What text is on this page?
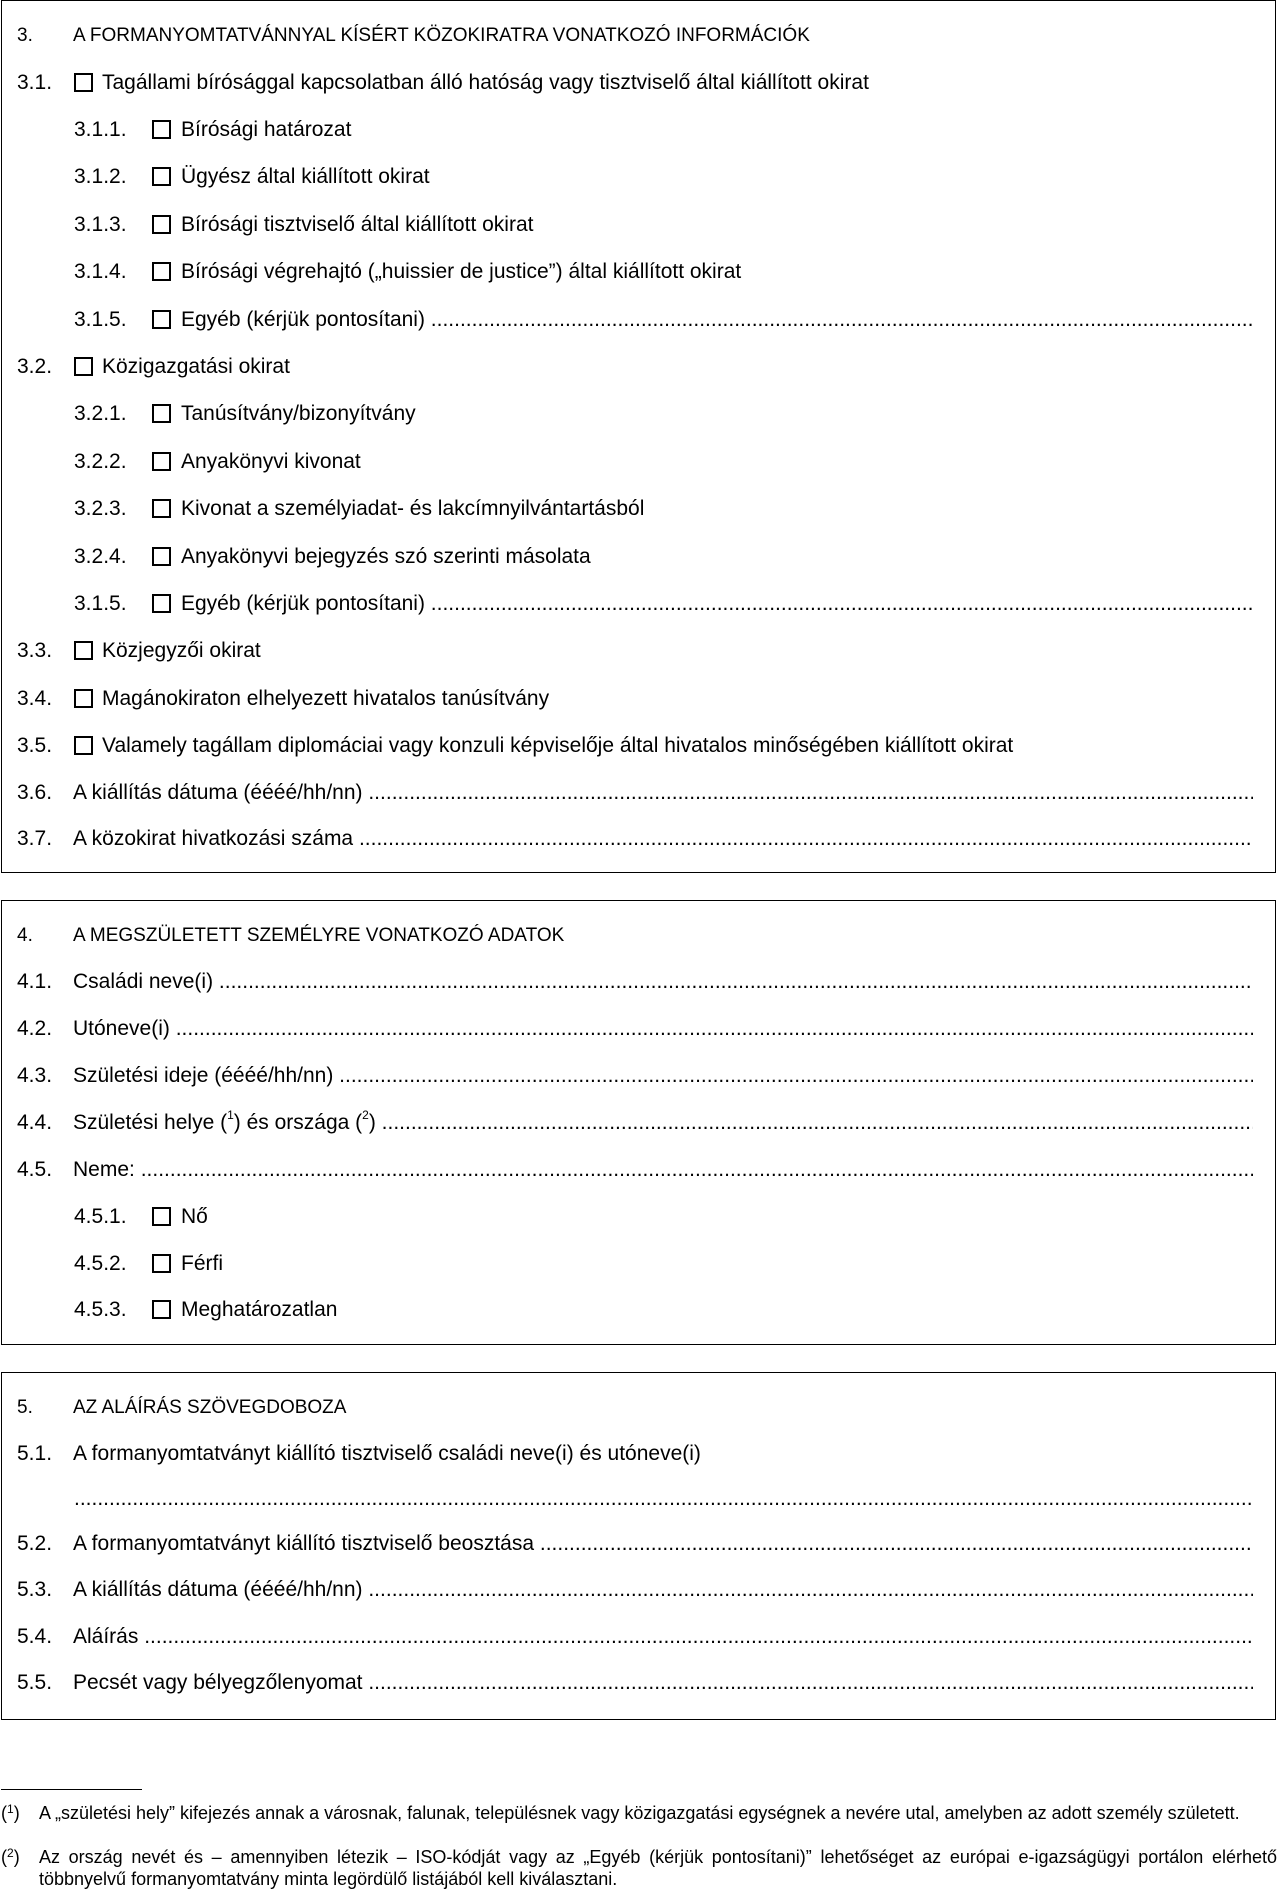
3. A FORMANYOMTATVÁNNYAL KÍSÉRT KÖZOKIRATRA VONATKOZÓ INFORMÁCIÓK
3.1. Tagállami bírósággal kapcsolatban álló hatóság vagy tisztviselő által kiállított okirat
3.1.1.	Bírósági határozat
3.1.2.	Ügyész által kiállított okirat
3.1.3.	Bírósági tisztviselő által kiállított okirat
3.1.4.	Bírósági végrehajtó („huissier de justice”) által kiállított okirat
3.1.5.	Egyéb (kérjük pontosítani) .....
3.2. Közigazgatási okirat
3.2.1.	Tanúsítvány/bizonyítvány
3.2.2.	Anyakönyvi kivonat
3.2.3.	Kivonat a személyiadat- és lakcímnyilvántartásból
3.2.4.	Anyakönyvi bejegyzés szó szerinti másolata
3.1.5.	Egyéb (kérjük pontosítani) .....
3.3. Közjegyzői okirat
3.4. Magánokiraton elhelyezett hivatalos tanúsítvány
3.5. Valamely tagállam diplomáciai vagy konzuli képviselője által hivatalos minőségében kiállított okirat
3.6. A kiállítás dátuma (éééé/hh/nn) .....
3.7. A közokirat hivatkozási száma .....
4. A MEGSZÜLETETT SZEMÉLYRE VONATKOZÓ ADATOK
4.1. Családi neve(i) .....
4.2. Utóneve(i) .....
4.3. Születési ideje (éééé/hh/nn) .....
4.4. Születési helye ($^1$) és országa ($^2$) .....
4.5. Neme: .....
4.5.1.	Nő
4.5.2.	Férfi
4.5.3.	Meghatározatlan
5. AZ ALÁÍRÁS SZÖVEGDOBOZA
5.1. A formanyomtatványt kiállító tisztviselő családi neve(i) és utóneve(i)
.....
5.2. A formanyomtatványt kiállító tisztviselő beosztása .....
5.3. A kiállítás dátuma (éééé/hh/nn) .....
5.4. Aláírás .....
5.5. Pecsét vagy bélyegzőlenyomat .....
($^1$) A „születési hely” kifejezés annak a városnak, falunak, településnek vagy közigazgatási egységnek a nevére utal, amelyben az adott személy született.
($^2$) Az ország nevét és – amennyiben létezik – ISO-kódját vagy az „Egyéb (kérjük pontosítani)” lehetőséget az európai e-igazságügyi portálon elérhető többnyelvű formanyomtatvány minta legördülő listájából kell kiválasztani.
